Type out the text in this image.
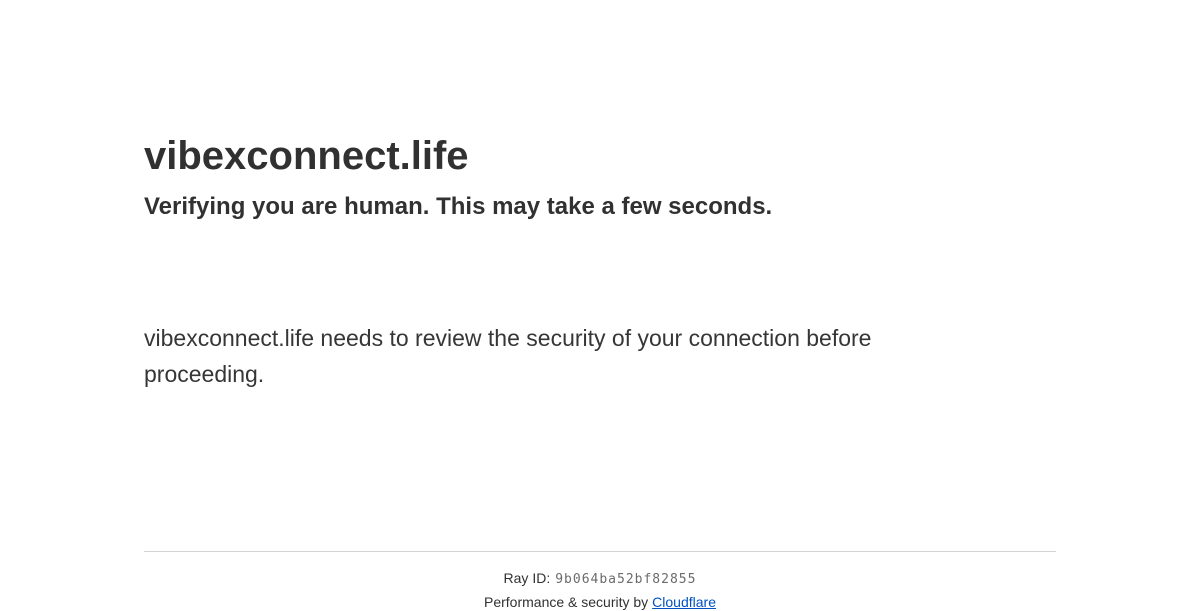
vibexconnect.life
Verifying you are human. This may take a few seconds.

vibexconnect.life needs to review the security of your connection before
proceeding.

Ray ID: 9b064ba52bf82855
Performance & security by Cloudflare
